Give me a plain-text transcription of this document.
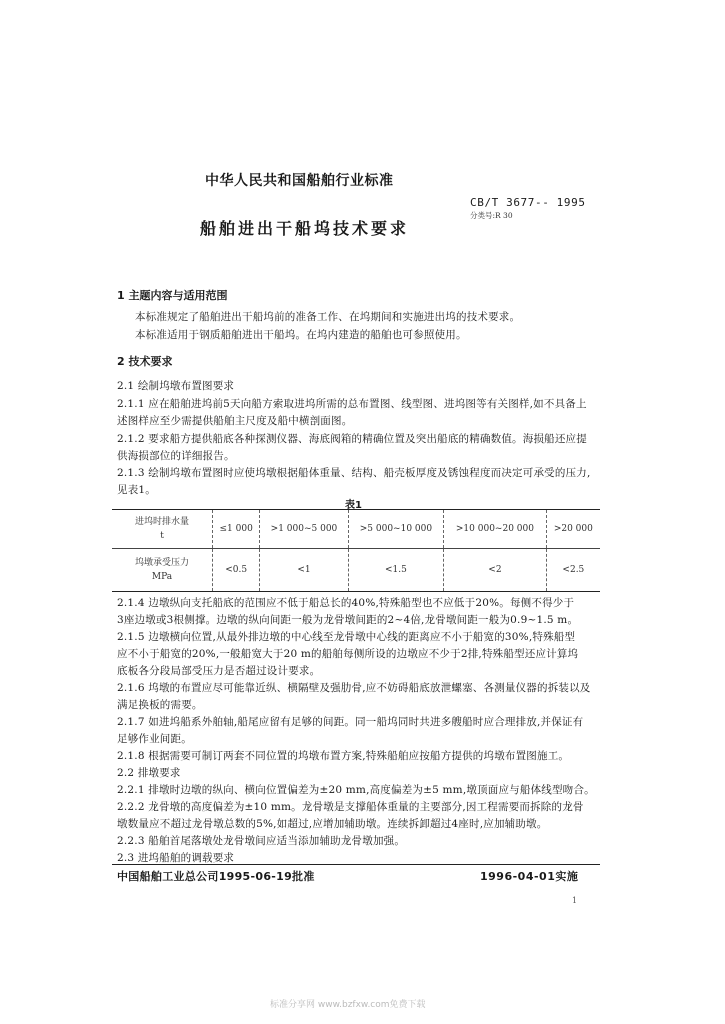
中华人民共和国船舶行业标准
CB/T 3677-- 1995
分类号:R 30
船舶进出干船坞技术要求
1 主题内容与适用范围
本标准规定了船舶进出干船坞前的准备工作、在坞期间和实施进出坞的技术要求。
本标准适用于钢质船舶进出干船坞。在坞内建造的船舶也可参照使用。
2 技术要求
2.1 绘制坞墩布置图要求
2.1.1 应在船舶进坞前5天向船方索取进坞所需的总布置图、线型图、进坞图等有关图样,如不具备上
述图样应至少需提供船舶主尺度及船中横剖面图。
2.1.2 要求船方提供船底各种探测仪器、海底阀箱的精确位置及突出船底的精确数值。海损船还应提
供海损部位的详细报告。
2.1.3 绘制坞墩布置图时应使坞墩根据船体重量、结构、船壳板厚度及锈蚀程度而决定可承受的压力,
见表1。
表1
进坞时排水量
t	≤1 000	>1 000~5 000	>5 000~10 000	>10 000~20 000	>20 000
坞墩承受压力
MPa	<0.5	<1	<1.5	<2	<2.5
2.1.4 边墩纵向支托船底的范围应不低于船总长的40%,特殊船型也不应低于20%。每侧不得少于
3座边墩或3根侧撑。边墩的纵向间距一般为龙骨墩间距的2~4倍,龙骨墩间距一般为0.9~1.5 m。
2.1.5 边墩横向位置,从最外排边墩的中心线至龙骨墩中心线的距离应不小于船宽的30%,特殊船型
应不小于船宽的20%,一般船宽大于20 m的船舶每侧所设的边墩应不少于2排,特殊船型还应计算坞
底板各分段局部受压力是否超过设计要求。
2.1.6 坞墩的布置应尽可能靠近纵、横隔壁及强肋骨,应不妨碍船底放泄螺塞、各测量仪器的拆装以及
满足换板的需要。
2.1.7 如进坞船系外舶轴,船尾应留有足够的间距。同一船坞同时共进多艘船时应合理排放,并保证有
足够作业间距。
2.1.8 根据需要可制订两套不同位置的坞墩布置方案,特殊船舶应按船方提供的坞墩布置图施工。
2.2 排墩要求
2.2.1 排墩时边墩的纵向、横向位置偏差为±20 mm,高度偏差为±5 mm,墩顶面应与船体线型吻合。
2.2.2 龙骨墩的高度偏差为±10 mm。龙骨墩是支撑船体重量的主要部分,因工程需要而拆除的龙骨
墩数量应不超过龙骨墩总数的5%,如超过,应增加辅助墩。连续拆卸超过4座时,应加辅助墩。
2.2.3 船舶首尾落墩处龙骨墩间应适当添加辅助龙骨墩加强。
2.3 进坞船舶的调载要求
中国船舶工业总公司1995-06-19批准	1996-04-01实施
1
标准分享网 www.bzfxw.com免费下载
